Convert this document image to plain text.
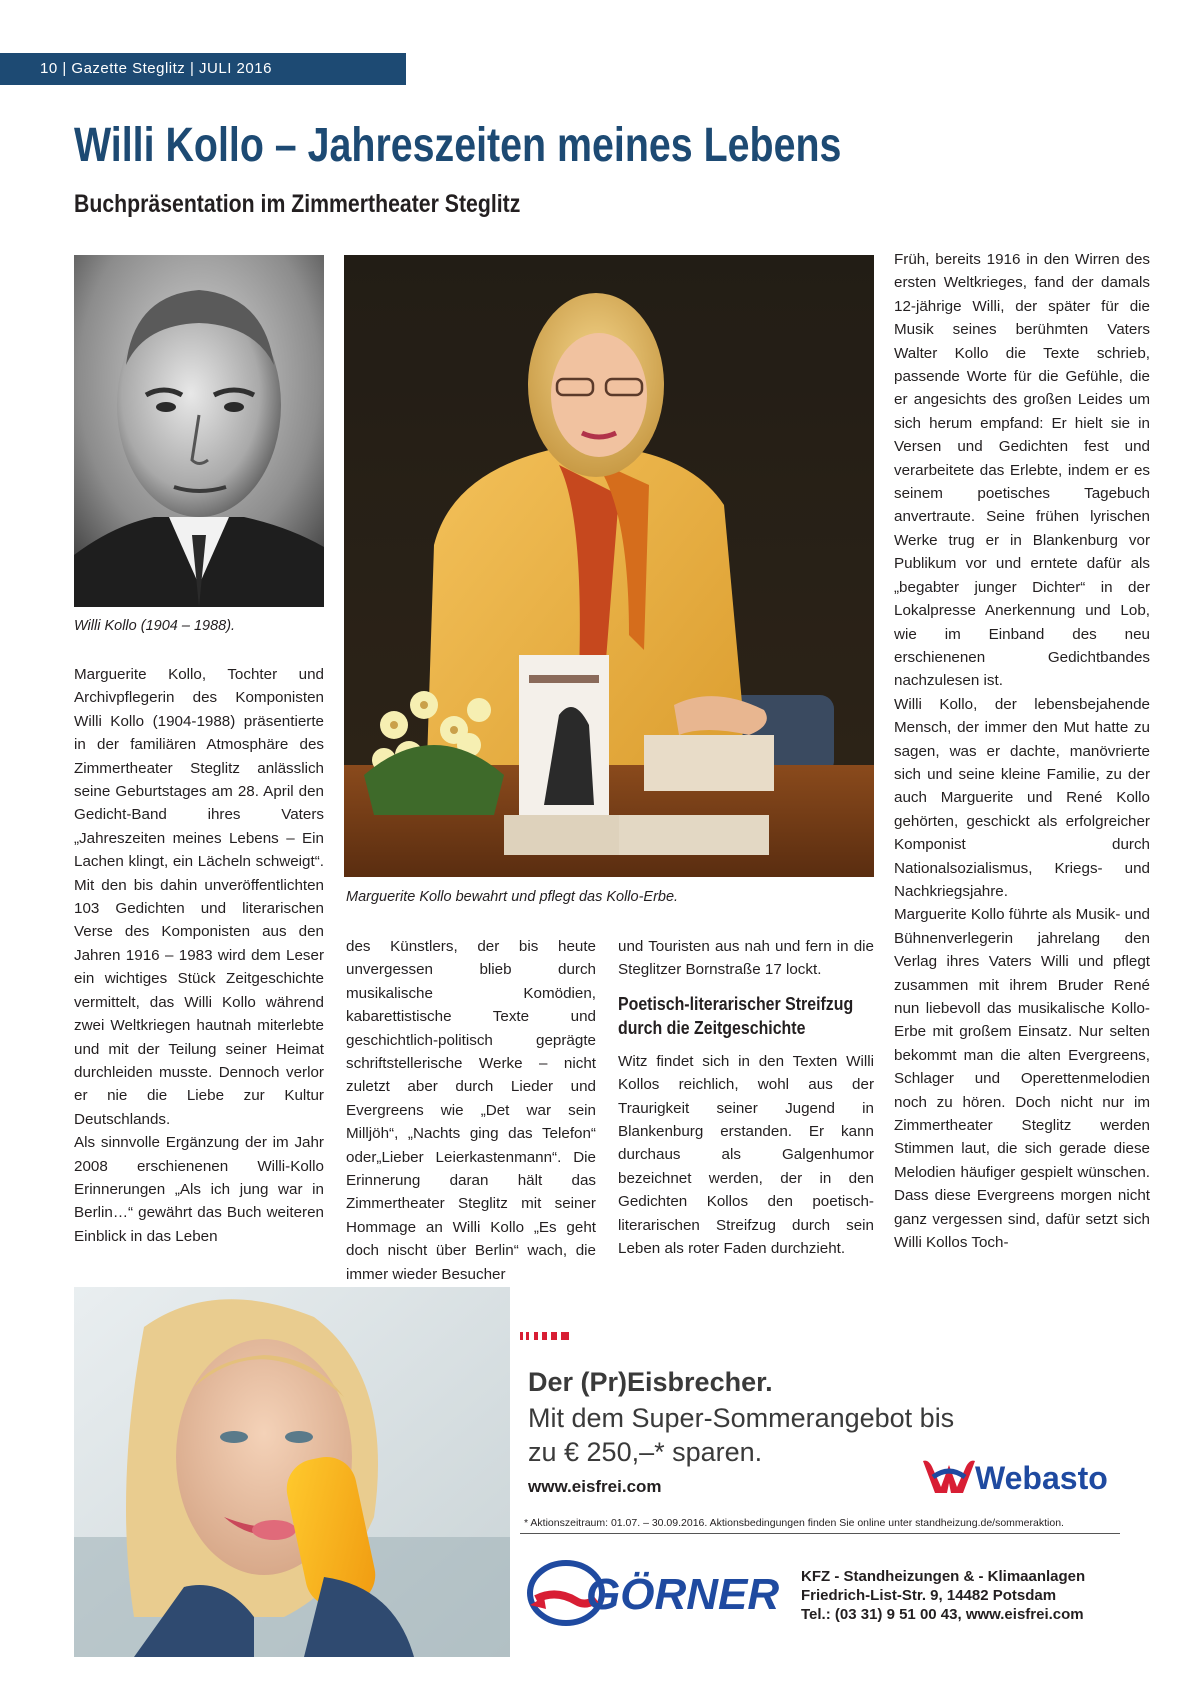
10 | Gazette Steglitz | JULI 2016
Willi Kollo – Jahreszeiten meines Lebens
Buchpräsentation im Zimmertheater Steglitz
Willi Kollo (1904 – 1988).
Marguerite Kollo bewahrt und pflegt das Kollo-Erbe.

Marguerite Kollo, Tochter und Archivpflegerin des Komponisten Willi Kollo (1904-1988) präsentierte in der familiären Atmosphäre des Zimmertheater Steglitz anlässlich seine Geburtstages am 28. April den Gedicht-Band ihres Vaters „Jahreszeiten meines Lebens – Ein Lachen klingt, ein Lächeln schweigt“. Mit den bis dahin unveröffentlichten 103 Gedichten und literarischen Verse des Komponisten aus den Jahren 1916 – 1983 wird dem Leser ein wichtiges Stück Zeitgeschichte vermittelt, das Willi Kollo während zwei Weltkriegen hautnah miterlebte und mit der Teilung seiner Heimat durchleiden musste. Dennoch verlor er nie die Liebe zur Kultur Deutschlands.

Als sinnvolle Ergänzung der im Jahr 2008 erschienenen Willi-Kollo Erinnerungen „Als ich jung war in Berlin…“ gewährt das Buch weiteren Einblick in das Leben

des Künstlers, der bis heute unvergessen blieb durch musikalische Komödien, kabarettistische Texte und geschichtlich-politisch geprägte schriftstellerische Werke – nicht zuletzt aber durch Lieder und Evergreens wie „Det war sein Milljöh“, „Nachts ging das Telefon“ oder„Lieber Leierkastenmann“. Die Erinnerung daran hält das Zimmertheater Steglitz mit seiner Hommage an Willi Kollo „Es geht doch nischt über Berlin“ wach, die immer wieder Besucher

und Touristen aus nah und fern in die Steglitzer Bornstraße 17 lockt.

Poetisch-literarischer Streifzug durch die Zeitgeschichte

Witz findet sich in den Texten Willi Kollos reichlich, wohl aus der Traurigkeit seiner Jugend in Blankenburg erstanden. Er kann durchaus als Galgenhumor bezeichnet werden, der in den Gedichten Kollos den poetisch-literarischen Streifzug durch sein Leben als roter Faden durchzieht.

Früh, bereits 1916 in den Wirren des ersten Weltkrieges, fand der damals 12-jährige Willi, der später für die Musik seines berühmten Vaters Walter Kollo die Texte schrieb, passende Worte für die Gefühle, die er angesichts des großen Leides um sich herum empfand: Er hielt sie in Versen und Gedichten fest und verarbeitete das Erlebte, indem er es seinem poetisches Tagebuch anvertraute. Seine frühen lyrischen Werke trug er in Blankenburg vor Publikum vor und erntete dafür als „begabter junger Dichter“ in der Lokalpresse Anerkennung und Lob, wie im Einband des neu erschienenen Gedichtbandes nachzulesen ist.

Willi Kollo, der lebensbejahende Mensch, der immer den Mut hatte zu sagen, was er dachte, manövrierte sich und seine kleine Familie, zu der auch Marguerite und René Kollo gehörten, geschickt als erfolgreicher Komponist durch Nationalsozialismus, Kriegs- und Nachkriegsjahre.

Marguerite Kollo führte als Musik- und Bühnenverlegerin jahrelang den Verlag ihres Vaters Willi und pflegt zusammen mit ihrem Bruder René nun liebevoll das musikalische Kollo-Erbe mit großem Einsatz. Nur selten bekommt man die alten Evergreens, Schlager und Operettenmelodien noch zu hören. Doch nicht nur im Zimmertheater Steglitz werden Stimmen laut, die sich gerade diese Melodien häufiger gespielt wünschen. Dass diese Evergreens morgen nicht ganz vergessen sind, dafür setzt sich Willi Kollos Toch-

Der (Pr)Eisbrecher.
Mit dem Super-Sommerangebot bis zu € 250,–* sparen.
www.eisfrei.com	Webasto
* Aktionszeitraum: 01.07. – 30.09.2016. Aktionsbedingungen finden Sie online unter standheizung.de/sommeraktion.
GÖRNER KFZ - Standheizungen & - Klimaanlagen
Friedrich-List-Str. 9, 14482 Potsdam
Tel.: (03 31) 9 51 00 43, www.eisfrei.com
